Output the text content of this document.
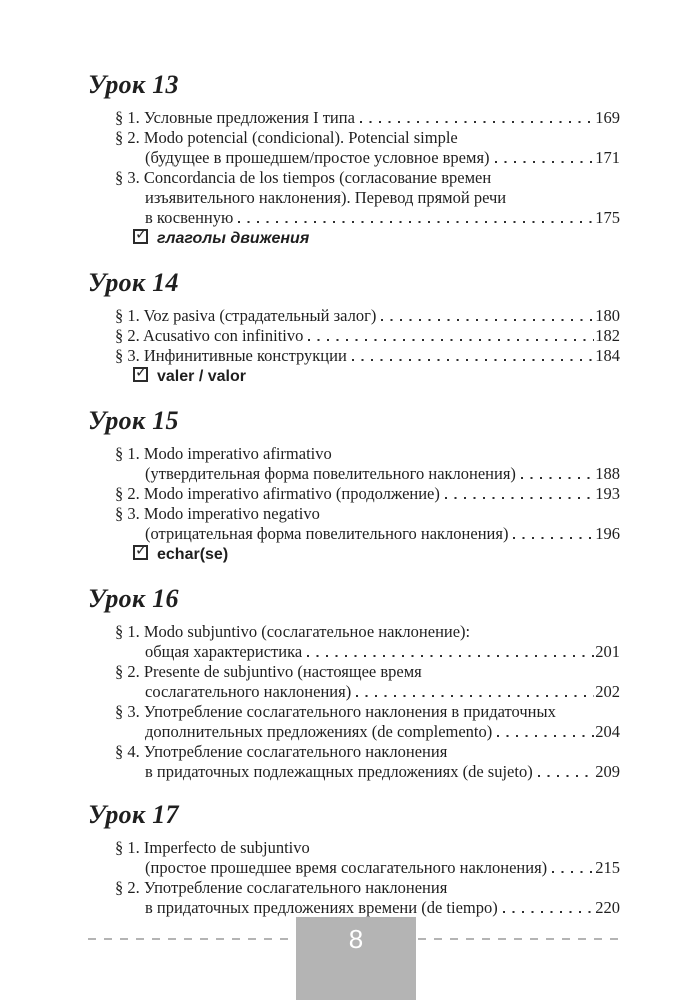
Урок 13
§ 1. Условные предложения I типа	169
§ 2. Modo potencial (condicional). Potencial simple
(будущее в прошедшем/простое условное время)	171
§ 3. Concordancia de los tiempos (согласование времен
изъявительного наклонения). Перевод прямой речи
в косвенную	175
✓ глаголы движения
Урок 14
§ 1. Voz pasiva (страдательный залог)	180
§ 2. Acusativo con infinitivo	182
§ 3. Инфинитивные конструкции	184
✓ valer / valor
Урок 15
§ 1. Modo imperativo afirmativo
(утвердительная форма повелительного наклонения)	188
§ 2. Modo imperativo afirmativo (продолжение)	193
§ 3. Modo imperativo negativo
(отрицательная форма повелительного наклонения)	196
✓ echar(se)
Урок 16
§ 1. Modo subjuntivo (сослагательное наклонение):
общая характеристика	201
§ 2. Presente de subjuntivo (настоящее время
сослагательного наклонения)	202
§ 3. Употребление сослагательного наклонения в придаточных
дополнительных предложениях (de complemento)	204
§ 4. Употребление сослагательного наклонения
в придаточных подлежащных предложениях (de sujeto)	209
Урок 17
§ 1. Imperfecto de subjuntivo
(простое прошедшее время сослагательного наклонения)	215
§ 2. Употребление сослагательного наклонения
в придаточных предложениях времени (de tiempo)	220
8
